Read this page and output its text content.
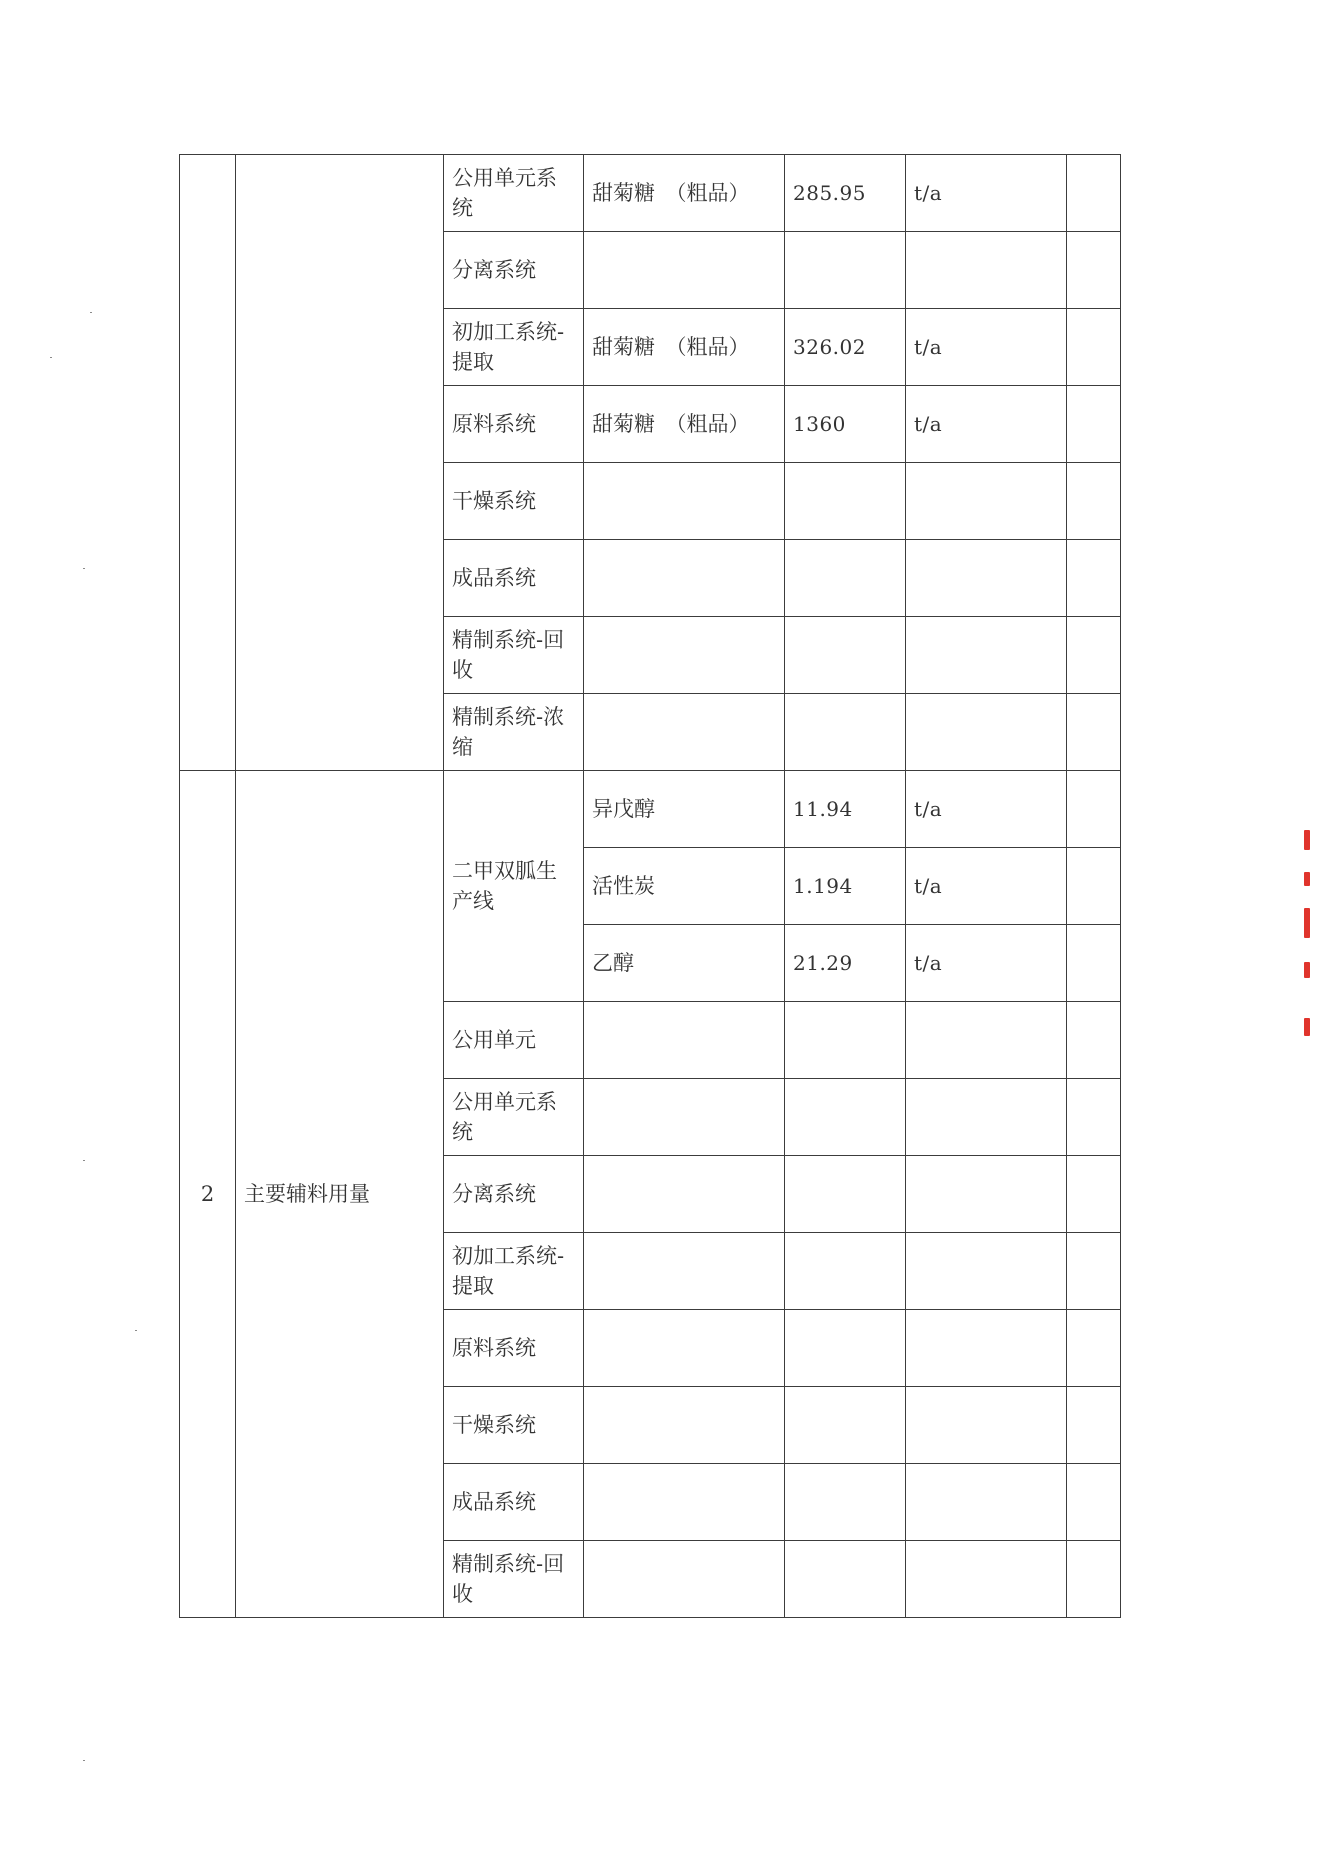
		公用单元系统	甜菊糖　（粗品）	285.95	t/a	
		分离系统				
		初加工系统-提取	甜菊糖　（粗品）	326.02	t/a	
		原料系统	甜菊糖　（粗品）	1360	t/a	
		干燥系统				
		成品系统				
		精制系统-回收				
		精制系统-浓缩				
2	主要辅料用量	二甲双胍生产线	异戊醇	11.94	t/a	
			活性炭	1.194	t/a	
			乙醇	21.29	t/a	
		公用单元				
		公用单元系统				
		分离系统				
		初加工系统-提取				
		原料系统				
		干燥系统				
		成品系统				
		精制系统-回收				
